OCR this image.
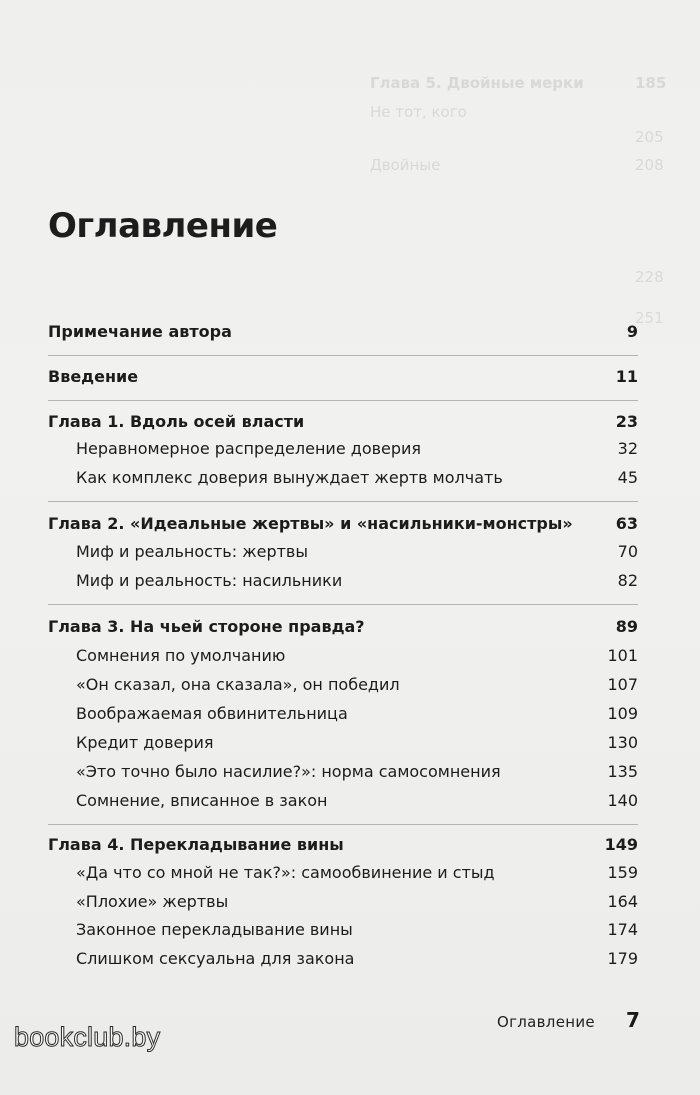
Глава 5. Двойные мерки	185
Не тот, кого
205
Двойные	208
228
251
Оглавление
Примечание автора	9
Введение	11
Глава 1. Вдоль осей власти	23
Неравномерное распределение доверия	32
Как комплекс доверия вынуждает жертв молчать	45
Глава 2. «Идеальные жертвы» и «насильники-монстры»	63
Миф и реальность: жертвы	70
Миф и реальность: насильники	82
Глава 3. На чьей стороне правда?	89
Сомнения по умолчанию	101
«Он сказал, она сказала», он победил	107
Воображаемая обвинительница	109
Кредит доверия	130
«Это точно было насилие?»: норма самосомнения	135
Сомнение, вписанное в закон	140
Глава 4. Перекладывание вины	149
«Да что со мной не так?»: самообвинение и стыд	159
«Плохие» жертвы	164
Законное перекладывание вины	174
Слишком сексуальна для закона	179
Оглавление 7
bookclub.by
